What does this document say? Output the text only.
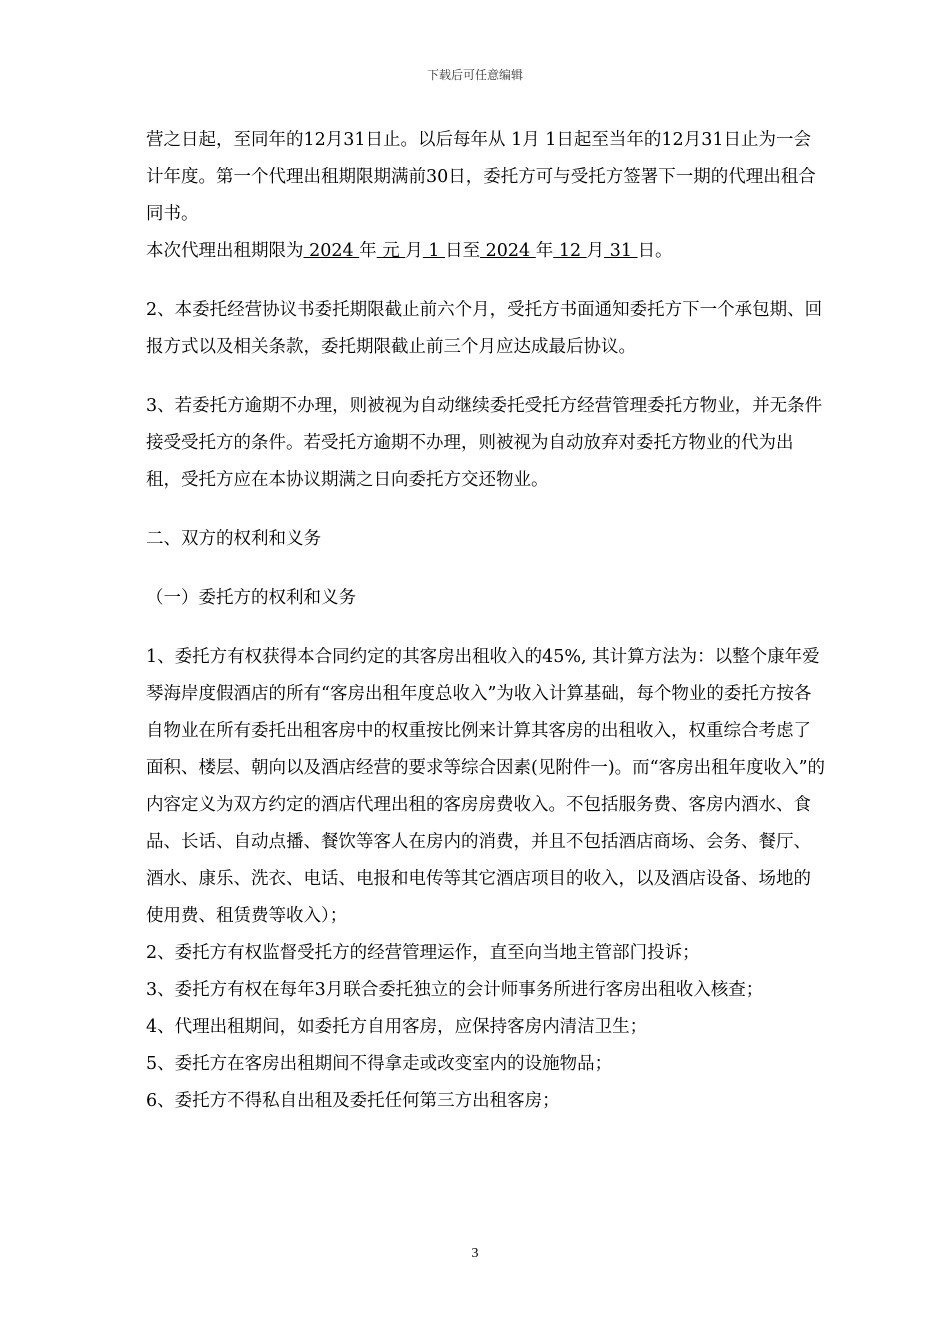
下载后可任意编辑

营之日起，至同年的12月31日止。以后每年从 1月 1日起至当年的12月31日止为一会计年度。第一个代理出租期限期满前30日，委托方可与受托方签署下一期的代理出租合同书。

本次代理出租期限为 2024 年 元 月 1 日至 2024 年 12 月 31 日。

2、本委托经营协议书委托期限截止前六个月，受托方书面通知委托方下一个承包期、回报方式以及相关条款，委托期限截止前三个月应达成最后协议。

3、若委托方逾期不办理，则被视为自动继续委托受托方经营管理委托方物业，并无条件接受受托方的条件。若受托方逾期不办理，则被视为自动放弃对委托方物业的代为出租，受托方应在本协议期满之日向委托方交还物业。

二、双方的权利和义务

（一）委托方的权利和义务

1、委托方有权获得本合同约定的其客房出租收入的45%, 其计算方法为：以整个康年爱琴海岸度假酒店的所有“客房出租年度总收入”为收入计算基础，每个物业的委托方按各自物业在所有委托出租客房中的权重按比例来计算其客房的出租收入，权重综合考虑了面积、楼层、朝向以及酒店经营的要求等综合因素(见附件一)。而“客房出租年度收入”的内容定义为双方约定的酒店代理出租的客房房费收入。不包括服务费、客房内酒水、食品、长话、自动点播、餐饮等客人在房内的消费，并且不包括酒店商场、会务、餐厅、酒水、康乐、洗衣、电话、电报和电传等其它酒店项目的收入，以及酒店设备、场地的使用费、租赁费等收入）；

2、委托方有权监督受托方的经营管理运作，直至向当地主管部门投诉；

3、委托方有权在每年3月联合委托独立的会计师事务所进行客房出租收入核查；

4、代理出租期间，如委托方自用客房，应保持客房内清洁卫生；

5、委托方在客房出租期间不得拿走或改变室内的设施物品；

6、委托方不得私自出租及委托任何第三方出租客房；

3
